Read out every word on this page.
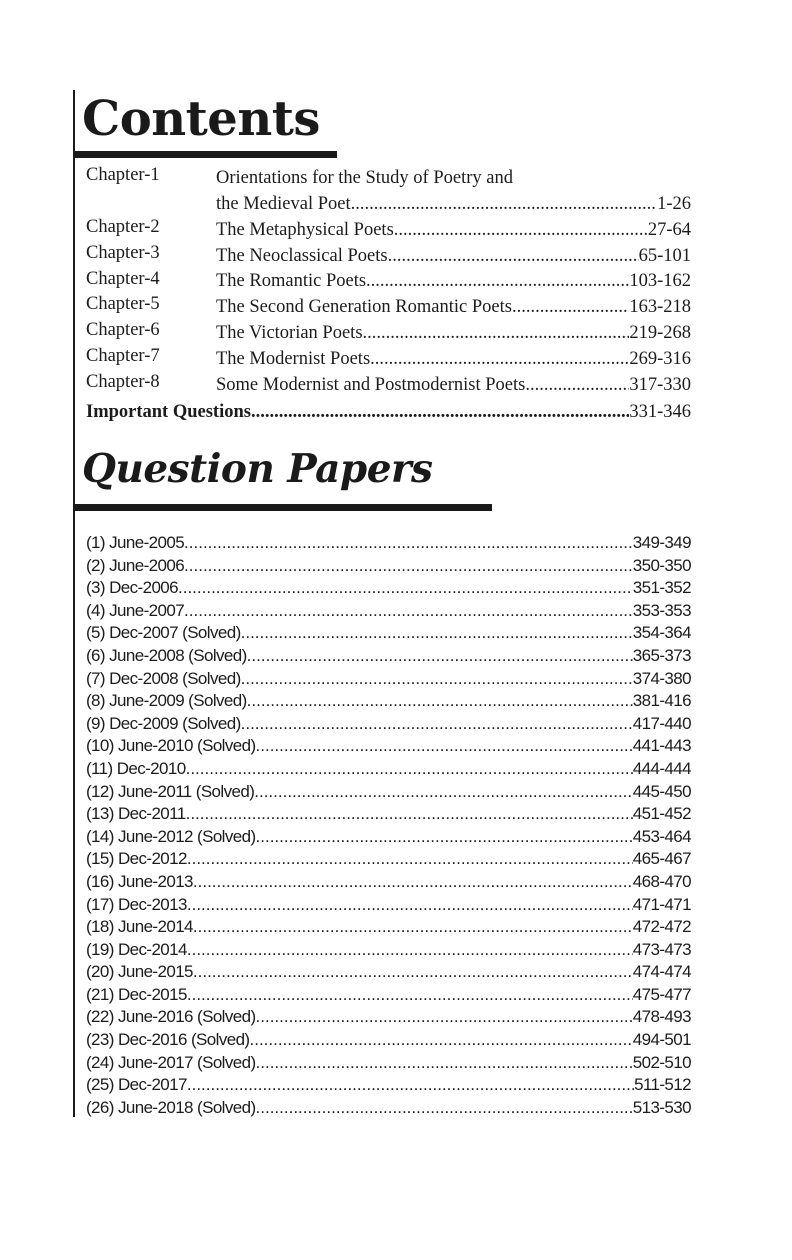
Contents
Chapter-1	Orientations for the Study of Poetry and
the Medieval Poet .....	1-26
Chapter-2	The Metaphysical Poets .....	27-64
Chapter-3	The Neoclassical Poets .....	65-101
Chapter-4	The Romantic Poets .....	103-162
Chapter-5	The Second Generation Romantic Poets .....	163-218
Chapter-6	The Victorian Poets .....	219-268
Chapter-7	The Modernist Poets .....	269-316
Chapter-8	Some Modernist and Postmodernist Poets .....	317-330
Important Questions .....	331-346
Question Papers
(1) June-2005 .....	349-349
(2) June-2006 .....	350-350
(3) Dec-2006 .....	351-352
(4) June-2007 .....	353-353
(5) Dec-2007 (Solved) .....	354-364
(6) June-2008 (Solved) .....	365-373
(7) Dec-2008 (Solved) .....	374-380
(8) June-2009 (Solved) .....	381-416
(9) Dec-2009 (Solved) .....	417-440
(10) June-2010 (Solved) .....	441-443
(11) Dec-2010 .....	444-444
(12) June-2011 (Solved) .....	445-450
(13) Dec-2011 .....	451-452
(14) June-2012 (Solved) .....	453-464
(15) Dec-2012 .....	465-467
(16) June-2013 .....	468-470
(17) Dec-2013 .....	471-471
(18) June-2014 .....	472-472
(19) Dec-2014 .....	473-473
(20) June-2015 .....	474-474
(21) Dec-2015 .....	475-477
(22) June-2016 (Solved) .....	478-493
(23) Dec-2016 (Solved) .....	494-501
(24) June-2017 (Solved) .....	502-510
(25) Dec-2017 .....	511-512
(26) June-2018 (Solved) .....	513-530
